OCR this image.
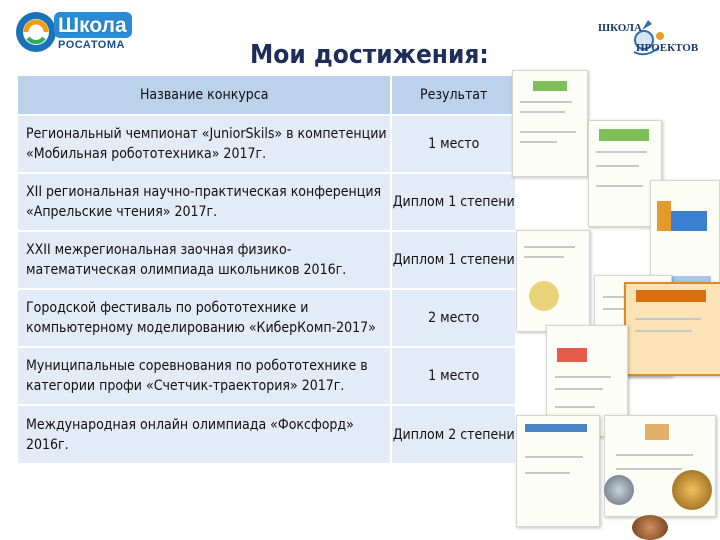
Школа
РОСАТОМА
ШКОЛА
ПРОЕКТОВ
Мои достижения:
Название конкурса	Результат
Региональный чемпионат «JuniorSkils» в компетенции «Мобильная робототехника» 2017г.	1 место
XII региональная научно-практическая конференция «Апрельские чтения» 2017г.	Диплом 1 степени
XXII межрегиональная заочная физико-математическая олимпиада школьников 2016г.	Диплом 1 степени
Городской фестиваль по робототехнике и компьютерному моделированию «КиберКомп-2017»	2 место
Муниципальные соревнования по робототехнике в категории профи «Счетчик-траектория» 2017г.	1 место
Международная онлайн олимпиада «Фоксфорд» 2016г.	Диплом 2 степени
